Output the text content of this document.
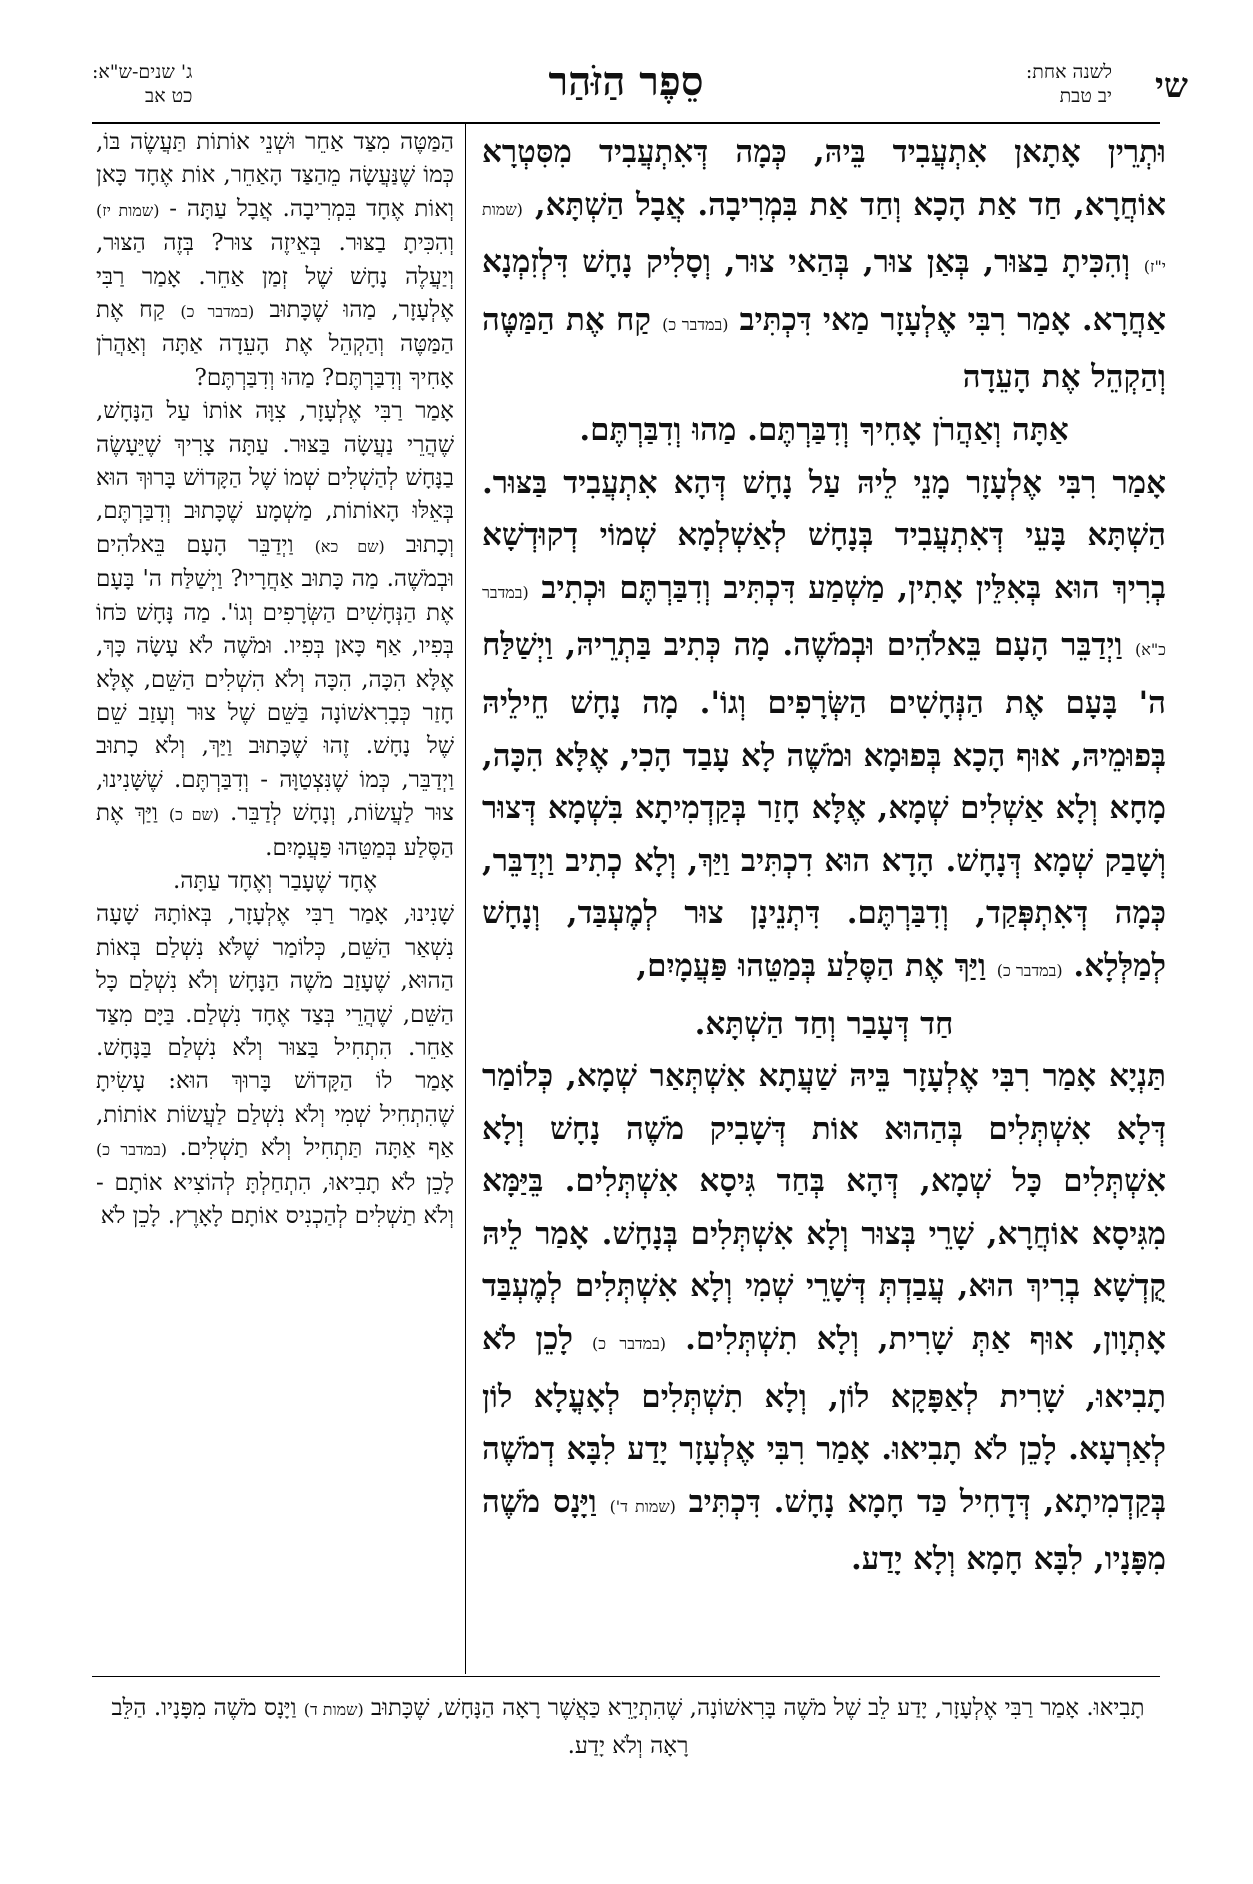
שי
לשנה אחת:
יב טבת
סֵפֶר הַזֹּהַר
ג' שנים-ש"א:
כט אב

וּתְרֵין אָתָאן אִתְעֲבִיד בֵּיהּ, כְּמָה דְּאִתְעֲבִיד מִסִּטְרָא אוֹחֲרָא, חַד אַת הָכָא וְחַד אַת בִּמְרִיבָה. אֲבָל הַשְׁתָּא, (שמות י"ז) וְהִכִּיתָ בַצּוּר, בְּאַן צוּר, בְּהַאי צוּר, וְסָלִיק נָחָשׁ דִּלְזִמְנָא אַחֲרָא. אָמַר רִבִּי אֶלְעָזָר מַאי דִּכְתִּיב (במדבר כ) קַח אֶת הַמַּטֶּה וְהַקְהֵל אֶת הָעֵדָה

אַתָּה וְאַהֲרֹן אָחִיךָ וְדִבַּרְתֶּם. מַהוּ וְדִבַּרְתֶּם.

אָמַר רִבִּי אֶלְעָזָר מָנֵי לֵיהּ עַל נָחָשׁ דְּהָא אִתְעֲבִיד בַּצּוּר. הַשְׁתָּא בָּעֵי דְּאִתְעֲבִיד בְּנָחָשׁ לְאַשְׁלְמָא שְׁמוֹי דְקוּדְשָׁא בְרִיךְ הוּא בְּאִלֵּין אָתִין, מַשְׁמַע דִּכְתִּיב וְדִבַּרְתֶּם וּכְתִיב (במדבר כ"א) וַיְדַבֵּר הָעָם בֵּאלֹהִים וּבְמֹשֶׁה. מָה כְּתִיב בַּתְרֵיהּ, וַיְשַׁלַּח ה' בָּעָם אֶת הַנְּחָשִׁים הַשְּׂרָפִים וְגוֹ'. מָה נָחָשׁ חֵילֵיהּ בְּפוּמֵיהּ, אוּף הָכָא בְּפוּמָא וּמֹשֶׁה לָא עָבַד הָכִי, אֶלָּא הִכָּה, מָחָא וְלָא אַשְׁלִים שְׁמָא, אֶלָּא חָזַר בְּקַדְמִיתָא בִּשְׁמָא דְּצוּר וְשָׁבַק שְׁמָא דְּנָחָשׁ. הָדָא הוּא דִכְתִּיב וַיַּךְ, וְלָא כְתִיב וַיְדַבֵּר, כְּמָה דְּאִתְפְּקַד, וְדִבַּרְתֶּם. דִּתְנֵינָן צוּר לְמֶעְבַּד, וְנָחָשׁ לְמַלְּלָא. (במדבר כ) וַיַּךְ אֶת הַסֶּלַע בְּמַטֵּהוּ פַּעֲמָיִם,

חַד דְּעָבַר וְחַד הַשְׁתָּא.

תַּנְיָא אָמַר רִבִּי אֶלְעָזָר בֵּיהּ שַׁעֲתָא אִשְׁתְּאַר שְׁמָא, כְּלוֹמַר דְּלָא אִשְׁתְּלִים בְּהַהוּא אוֹת דְּשָׁבִיק מֹשֶׁה נָחָשׁ וְלָא אִשְׁתְּלִים כָּל שְׁמָא, דְּהָא בְּחַד גִּיסָא אִשְׁתְּלִים. בֵּיַּמָּא מִגִּיסָא אוֹחֲרָא, שָׁרֵי בְּצוּר וְלָא אִשְׁתְּלִים בְּנָחָשׁ. אָמַר לֵיהּ קֻדְשָׁא בְרִיךְ הוּא, עֲבַדְתְּ דְּשָׁרֵי שְׁמִי וְלָא אִשְׁתְּלִים לְמֶעְבַּד אָתְוָון, אוּף אַתְּ שָׁרִית, וְלָא תִשְׁתְּלִים. (במדבר כ) לָכֵן לֹא תָבִיאוּ, שָׁרִית לְאַפָּקָא לוֹן, וְלָא תִשְׁתְּלִים לְאָעֳלָא לוֹן לְאַרְעָא. לָכֵן לֹא תָבִיאוּ. אָמַר רִבִּי אֶלְעָזָר יָדַע לִבָּא דְמֹשֶׁה בְּקַדְמִיתָא, דְּדָחִיל כַּד חָמָא נָחָשׁ. דִּכְתִּיב (שמות ד') וַיָּנָס מֹשֶׁה מִפָּנָיו, לִבָּא חָמָא וְלָא יָדַע.

הַמַּטֶּה מִצַּד אַחֵר וּשְׁנֵי אוֹתוֹת תַּעֲשֶׂה בּוֹ, כְּמוֹ שֶׁנַּעֲשָׂה מֵהַצַּד הָאַחֵר, אוֹת אֶחָד כָּאן וְאוֹת אֶחָד בִּמְרִיבָה. אֲבָל עַתָּה - (שמות יז) וְהִכִּיתָ בַצּוּר. בְּאֵיזֶה צוּר? בְּזֶה הַצּוּר, וְיַעֲלֶה נָחָשׁ שֶׁל זְמַן אַחֵר. אָמַר רַבִּי אֶלְעָזָר, מַהוּ שֶׁכָּתוּב (במדבר כ) קַח אֶת הַמַּטֶּה וְהַקְהֵל אֶת הָעֵדָה אַתָּה וְאַהֲרֹן אָחִיךָ וְדִבַּרְתֶּם? מַהוּ וְדִבַּרְתֶּם?

אָמַר רַבִּי אֶלְעָזָר, צִוָּה אוֹתוֹ עַל הַנָּחָשׁ, שֶׁהֲרֵי נַעֲשָׂה בַּצּוּר. עַתָּה צָרִיךְ שֶׁיֵּעָשֶׂה בַנָּחָשׁ לְהַשְׁלִים שְׁמוֹ שֶׁל הַקָּדוֹשׁ בָּרוּךְ הוּא בְּאֵלּוּ הָאוֹתוֹת, מַשְׁמָע שֶׁכָּתוּב וְדִבַּרְתֶּם, וְכָתוּב (שם כא) וַיְדַבֵּר הָעָם בֵּאלֹהִים וּבְמֹשֶׁה. מַה כָּתוּב אַחֲרָיו? וַיְשַׁלַּח ה' בָּעָם אֶת הַנְּחָשִׁים הַשְּׂרָפִים וְגוֹ'. מַה נָּחָשׁ כֹּחוֹ בְּפִיו, אַף כָּאן בְּפִיו. וּמֹשֶׁה לֹא עָשָׂה כָּךְ, אֶלָּא הִכָּה, הִכָּה וְלֹא הִשְׁלִים הַשֵּׁם, אֶלָּא חָזַר כְּבָרִאשׁוֹנָה בַּשֵּׁם שֶׁל צוּר וְעָזַב שֵׁם שֶׁל נָחָשׁ. זֶהוּ שֶׁכָּתוּב וַיַּךְ, וְלֹא כָתוּב וַיְדַבֵּר, כְּמוֹ שֶׁנִּצְטַוָּה - וְדִבַּרְתֶּם. שֶׁשָּׁנִינוּ, צוּר לַעֲשׂוֹת, וְנָחָשׁ לְדַבֵּר. (שם כ) וַיַּךְ אֶת הַסֶּלַע בְּמַטֵּהוּ פַּעֲמָיִם.

אֶחָד שֶׁעָבַר וְאֶחָד עַתָּה.

שָׁנִינוּ, אָמַר רַבִּי אֶלְעָזָר, בְּאוֹתָהּ שָׁעָה נִשְׁאַר הַשֵּׁם, כְּלוֹמַר שֶׁלֹּא נִשְׁלַם בְּאוֹת הַהוּא, שֶׁעָזַב מֹשֶׁה הַנָּחָשׁ וְלֹא נִשְׁלַם כָּל הַשֵּׁם, שֶׁהֲרֵי בְּצַד אֶחָד נִשְׁלַם. בַּיָּם מִצַּד אַחֵר. הִתְחִיל בַּצּוּר וְלֹא נִשְׁלַם בַּנָּחָשׁ. אָמַר לוֹ הַקָּדוֹשׁ בָּרוּךְ הוּא: עָשִׂיתָ שֶׁהִתְחִיל שְׁמִי וְלֹא נִשְׁלַם לַעֲשׂוֹת אוֹתוֹת, אַף אַתָּה תַּתְחִיל וְלֹא תַשְׁלִים. (במדבר כ) לָכֵן לֹא תָבִיאוּ, הִתְחַלְתָּ לְהוֹצִיא אוֹתָם - וְלֹא תַשְׁלִים לְהַכְנִיס אוֹתָם לָאָרֶץ. לָכֵן לֹא

תָבִיאוּ. אָמַר רַבִּי אֶלְעָזָר, יָדַע לֵב שֶׁל מֹשֶׁה בָּרִאשׁוֹנָה, שֶׁהִתְיָרֵא כַּאֲשֶׁר רָאָה הַנָּחָשׁ, שֶׁכָּתוּב (שמות ד) וַיָּנָס מֹשֶׁה מִפָּנָיו. הַלֵּב רָאָה וְלֹא יָדַע.
